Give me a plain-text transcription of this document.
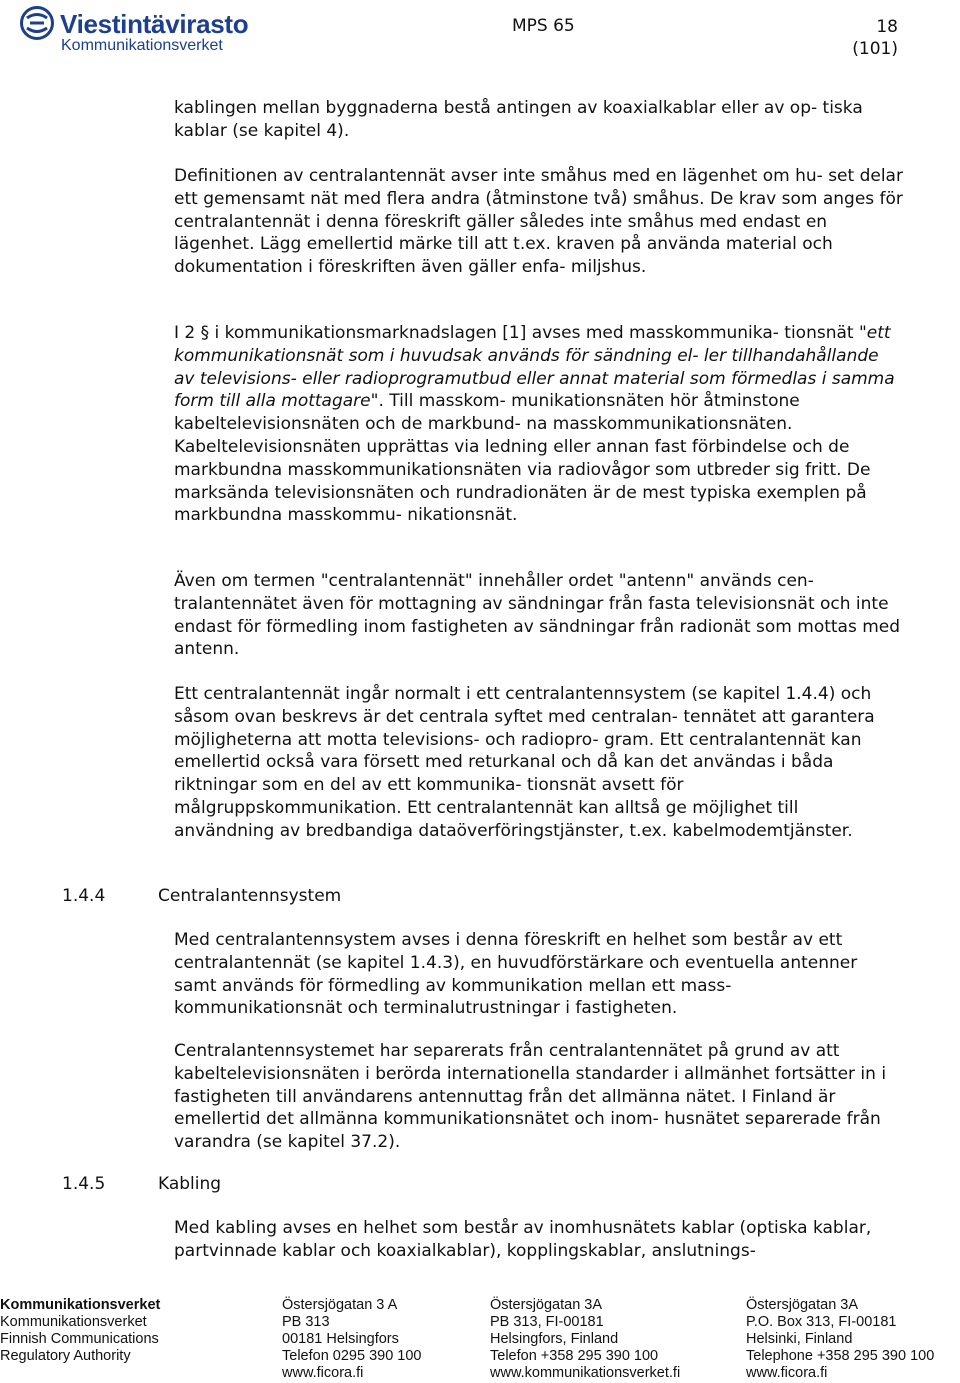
Viestintävirasto
Kommunikationsverket
MPS 65	18
(101)

kablingen mellan byggnaderna bestå antingen av koaxialkablar eller av op- tiska kablar (se kapitel 4).

Definitionen av centralantennät avser inte småhus med en lägenhet om hu- set delar ett gemensamt nät med flera andra (åtminstone två) småhus. De krav som anges för centralantennät i denna föreskrift gäller således inte småhus med endast en lägenhet. Lägg emellertid märke till att t.ex. kraven på använda material och dokumentation i föreskriften även gäller enfa- miljshus.

I 2 § i kommunikationsmarknadslagen [1] avses med masskommunika- tionsnät "ett kommunikationsnät som i huvudsak används för sändning el- ler tillhandahållande av televisions- eller radioprogramutbud eller annat material som förmedlas i samma form till alla mottagare". Till masskom- munikationsnäten hör åtminstone kabeltelevisionsnäten och de markbund- na masskommunikationsnäten. Kabeltelevisionsnäten upprättas via ledning eller annan fast förbindelse och de markbundna masskommunikationsnäten via radiovågor som utbreder sig fritt. De marksända televisionsnäten och rundradionäten är de mest typiska exemplen på markbundna masskommu- nikationsnät.

Även om termen "centralantennät" innehåller ordet "antenn" används cen- tralantennätet även för mottagning av sändningar från fasta televisionsnät och inte endast för förmedling inom fastigheten av sändningar från radionät som mottas med antenn.

Ett centralantennät ingår normalt i ett centralantennsystem (se kapitel 1.4.4) och såsom ovan beskrevs är det centrala syftet med centralan- tennätet att garantera möjligheterna att motta televisions- och radiopro- gram. Ett centralantennät kan emellertid också vara försett med returkanal och då kan det användas i båda riktningar som en del av ett kommunika- tionsnät avsett för målgruppskommunikation. Ett centralantennät kan alltså ge möjlighet till användning av bredbandiga dataöverföringstjänster, t.ex. kabelmodemtjänster.

1.4.4	Centralantennsystem

Med centralantennsystem avses i denna föreskrift en helhet som består av ett centralantennät (se kapitel 1.4.3), en huvudförstärkare och eventuella antenner samt används för förmedling av kommunikation mellan ett mass- kommunikationsnät och terminalutrustningar i fastigheten.

Centralantennsystemet har separerats från centralantennätet på grund av att kabeltelevisionsnäten i berörda internationella standarder i allmänhet fortsätter in i fastigheten till användarens antennuttag från det allmänna nätet. I Finland är emellertid det allmänna kommunikationsnätet och inom- husnätet separerade från varandra (se kapitel 37.2).

1.4.5	Kabling

Med kabling avses en helhet som består av inomhusnätets kablar (optiska kablar, partvinnade kablar och koaxialkablar), kopplingskablar, anslutnings-

Kommunikationsverket
Kommunikationsverket
Finnish Communications
Regulatory Authority
Östersjögatan 3 A
PB 313
00181 Helsingfors
Telefon 0295 390 100
www.ficora.fi
Östersjögatan 3A
PB 313, FI-00181
Helsingfors, Finland
Telefon +358 295 390 100
www.kommunikationsverket.fi
Östersjögatan 3A
P.O. Box 313, FI-00181
Helsinki, Finland
Telephone +358 295 390 100
www.ficora.fi
